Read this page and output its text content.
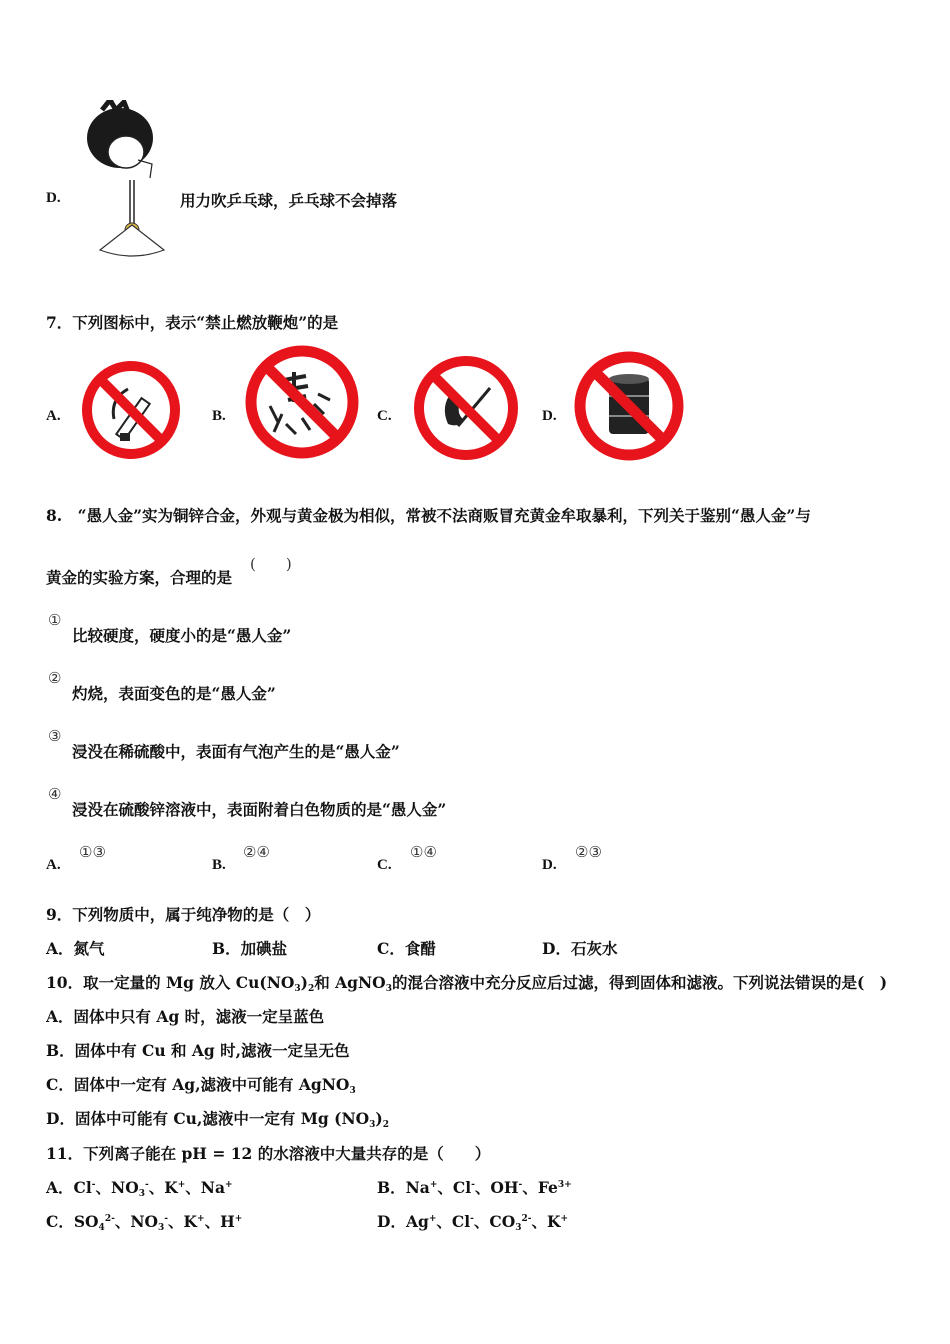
D.	用力吹乒乓球，乒乓球不会掉落
7．下列图标中，表示“禁止燃放鞭炮”的是
A.	B.	C.	D.
8.　“愚人金”实为铜锌合金，外观与黄金极为相似，常被不法商贩冒充黄金牟取暴利，下列关于鉴别“愚人金”与
黄金的实验方案，合理的是
(　　)
①
比较硬度，硬度小的是“愚人金”
②
灼烧，表面变色的是“愚人金”
③
浸没在稀硫酸中，表面有气泡产生的是“愚人金”
④
浸没在硫酸锌溶液中，表面附着白色物质的是“愚人金”
A.
①③
B.
②④
C.
①④
D.
②③
9．下列物质中，属于纯净物的是（　）
A．氮气	B．加碘盐	C．食醋	D．石灰水
10．取一定量的 Mg 放入 $Cu(NO_3)_2$和 AgNO$_3$的混合溶液中充分反应后过滤，得到固体和滤液。下列说法错误的是(　)
A．固体中只有 Ag 时，滤液一定呈蓝色
B．固体中有 Cu 和 Ag 时,滤液一定呈无色
C．固体中一定有 Ag,滤液中可能有 AgNO$_3$
D．固体中可能有 Cu,滤液中一定有 Mg $(NO_3)_2$
11．下列离子能在 pH = 12 的水溶液中大量共存的是（　　）
A．Cl-、$NO_3^-$、K+、Na+	B．Na+、Cl-、OH-、$Fe^{3+}$
C．$SO_4^{2-}$、$NO_3^-$、K+、H+	D．Ag+、Cl-、$CO_3^{2-}$、K+
